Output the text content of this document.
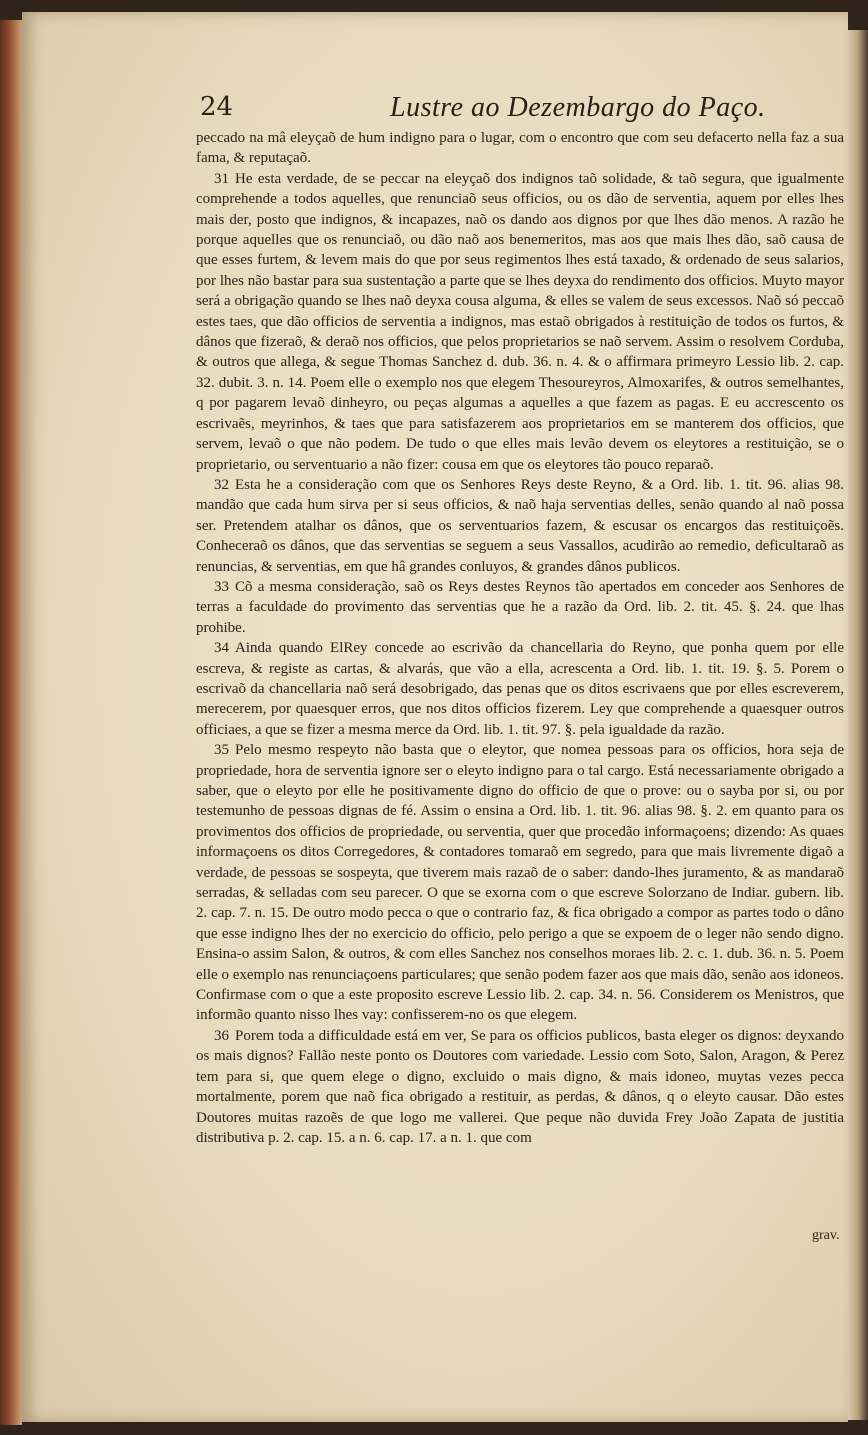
24	Lustre ao Dezembargo do Paço.

peccado na mâ eleyçaõ de hum indigno para o lugar, com o encontro que com seu defacerto nella faz a sua fama, & reputaçaõ.

31 He esta verdade, de se peccar na eleyçaõ dos indignos taõ solidade, & taõ segura, que igualmente comprehende a todos aquelles, que renunciaõ seus officios, ou os dão de serventia, aquem por elles lhes mais der, posto que indignos, & incapazes, naõ os dando aos dignos por que lhes dão menos. A razão he porque aquelles que os renunciaõ, ou dão naõ aos benemeritos, mas aos que mais lhes dão, saõ causa de que esses furtem, & levem mais do que por seus regimentos lhes está taxado, & ordenado de seus salarios, por lhes não bastar para sua sustentação a parte que se lhes deyxa do rendimento dos officios. Muyto mayor será a obrigação quando se lhes naõ deyxa cousa alguma, & elles se valem de seus excessos. Naõ só peccaõ estes taes, que dão officios de serventia a indignos, mas estaõ obrigados à restituição de todos os furtos, & dânos que fizeraõ, & deraõ nos officios, que pelos proprietarios se naõ servem. Assim o resolvem Corduba, & outros que allega, & segue Thomas Sanchez d. dub. 36. n. 4. & o affirmara primeyro Lessio lib. 2. cap. 32. dubit. 3. n. 14. Poem elle o exemplo nos que elegem Thesoureyros, Almoxarifes, & outros semelhantes, q por pagarem levaõ dinheyro, ou peças algumas a aquelles a que fazem as pagas. E eu accrescento os escrivaẽs, meyrinhos, & taes que para satisfazerem aos proprietarios em se manterem dos officios, que servem, levaõ o que não podem. De tudo o que elles mais levão devem os eleytores a restituição, se o proprietario, ou serventuario a não fizer: cousa em que os eleytores tão pouco reparaõ.

32 Esta he a consideração com que os Senhores Reys deste Reyno, & a Ord. lib. 1. tit. 96. alias 98. mandão que cada hum sirva per si seus officios, & naõ haja serventias delles, senão quando al naõ possa ser. Pretendem atalhar os dânos, que os serventuarios fazem, & escusar os encargos das restituiçoẽs. Conheceraõ os dânos, que das serventias se seguem a seus Vassallos, acudirão ao remedio, deficultaraõ as renuncias, & serventias, em que hâ grandes conluyos, & grandes dânos publicos.

33 Cõ a mesma consideração, saõ os Reys destes Reynos tão apertados em conceder aos Senhores de terras a faculdade do provimento das serventias que he a razão da Ord. lib. 2. tit. 45. §. 24. que lhas prohibe.

34 Ainda quando ElRey concede ao escrivão da chancellaria do Reyno, que ponha quem por elle escreva, & registe as cartas, & alvarás, que vão a ella, acrescenta a Ord. lib. 1. tit. 19. §. 5. Porem o escrivaõ da chancellaria naõ será desobrigado, das penas que os ditos escrivaens que por elles escreverem, merecerem, por quaesquer erros, que nos ditos officios fizerem. Ley que comprehende a quaesquer outros officiaes, a que se fizer a mesma merce da Ord. lib. 1. tit. 97. §. pela igualdade da razão.

35 Pelo mesmo respeyto não basta que o eleytor, que nomea pessoas para os officios, hora seja de propriedade, hora de serventia ignore ser o eleyto indigno para o tal cargo. Está necessariamente obrigado a saber, que o eleyto por elle he positivamente digno do officio de que o prove: ou o sayba por si, ou por testemunho de pessoas dignas de fé. Assim o ensina a Ord. lib. 1. tit. 96. alias 98. §. 2. em quanto para os provimentos dos officios de propriedade, ou serventia, quer que procedão informaçoens; dizendo: As quaes informaçoens os ditos Corregedores, & contadores tomaraõ em segredo, para que mais livremente digaõ a verdade, de pessoas se sospeyta, que tiverem mais razaõ de o saber: dando-lhes juramento, & as mandaraõ serradas, & selladas com seu parecer. O que se exorna com o que escreve Solorzano de Indiar. gubern. lib. 2. cap. 7. n. 15. De outro modo pecca o que o contrario faz, & fica obrigado a compor as partes todo o dâno que esse indigno lhes der no exercicio do officio, pelo perigo a que se expoem de o leger não sendo digno. Ensina-o assim Salon, & outros, & com elles Sanchez nos conselhos moraes lib. 2. c. 1. dub. 36. n. 5. Poem elle o exemplo nas renunciaçoens particulares; que senão podem fazer aos que mais dão, senão aos idoneos. Confirmase com o que a este proposito escreve Lessio lib. 2. cap. 34. n. 56. Considerem os Menistros, que informão quanto nisso lhes vay: confisserem-no os que elegem.

36 Porem toda a difficuldade está em ver, Se para os officios publicos, basta eleger os dignos: deyxando os mais dignos? Fallão neste ponto os Doutores com variedade. Lessio com Soto, Salon, Aragon, & Perez tem para si, que quem elege o digno, excluido o mais digno, & mais idoneo, muytas vezes pecca mortalmente, porem que naõ fica obrigado a restituir, as perdas, & dânos, q o eleyto causar. Dão estes Doutores muitas razoẽs de que logo me vallerei. Que peque não duvida Frey João Zapata de justitia distributiva p. 2. cap. 15. a n. 6. cap. 17. a n. 1. que com

grav.
